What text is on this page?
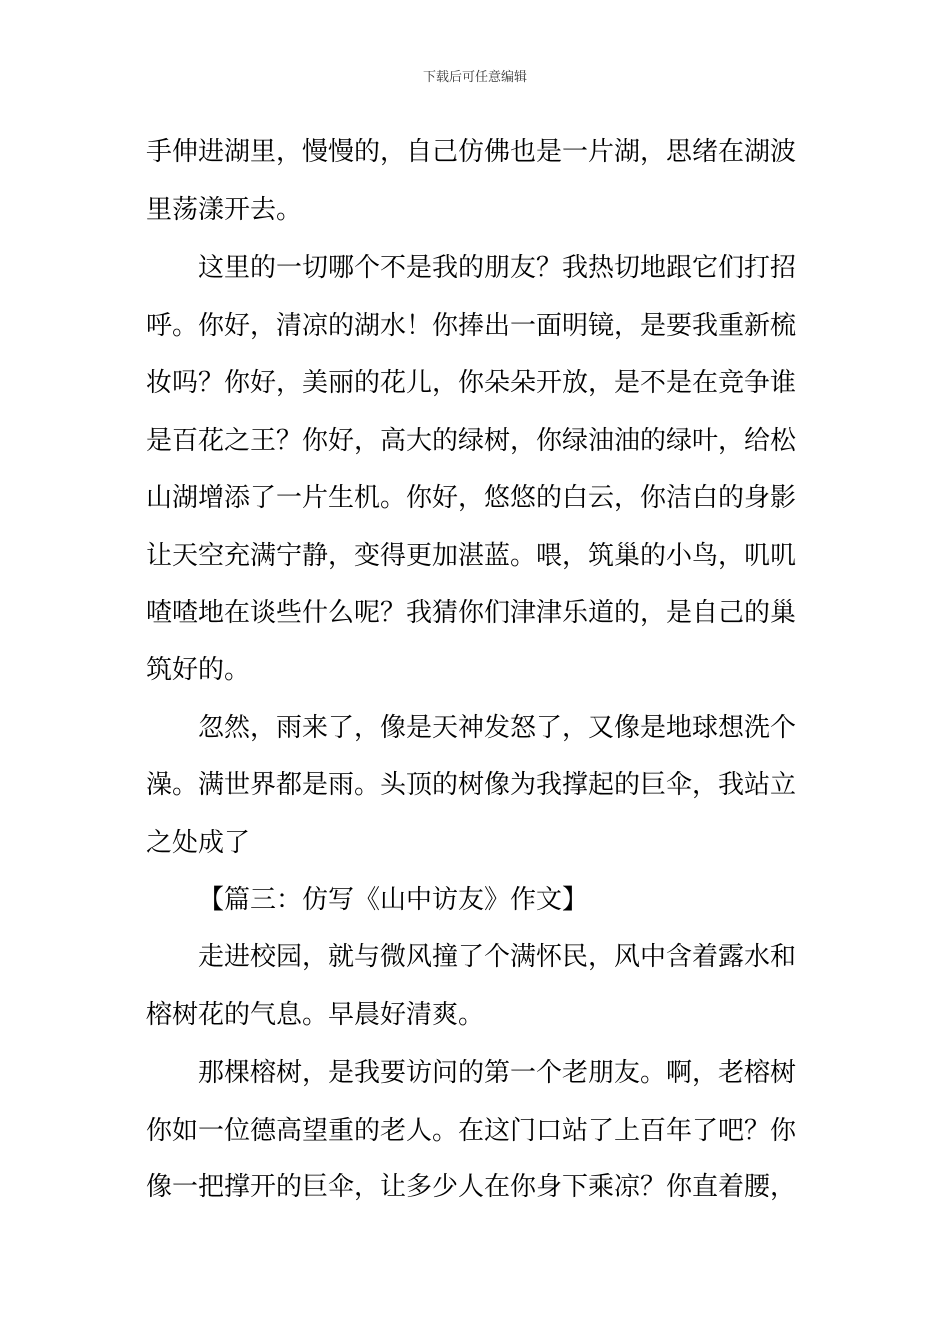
下载后可任意编辑
手伸进湖里，慢慢的，自己仿佛也是一片湖，思绪在湖波
里荡漾开去。
这里的一切哪个不是我的朋友？我热切地跟它们打招
呼。你好，清凉的湖水！你捧出一面明镜，是要我重新梳
妆吗？你好，美丽的花儿，你朵朵开放，是不是在竞争谁
是百花之王？你好，高大的绿树，你绿油油的绿叶，给松
山湖增添了一片生机。你好，悠悠的白云，你洁白的身影
让天空充满宁静，变得更加湛蓝。喂，筑巢的小鸟，叽叽
喳喳地在谈些什么呢？我猜你们津津乐道的，是自己的巢
筑好的。
忽然，雨来了，像是天神发怒了，又像是地球想洗个
澡。满世界都是雨。头顶的树像为我撑起的巨伞，我站立
之处成了
【篇三：仿写《山中访友》作文】
走进校园，就与微风撞了个满怀民，风中含着露水和
榕树花的气息。早晨好清爽。
那棵榕树，是我要访问的第一个老朋友。啊，老榕树
你如一位德高望重的老人。在这门口站了上百年了吧？你
像一把撑开的巨伞，让多少人在你身下乘凉？你直着腰，
